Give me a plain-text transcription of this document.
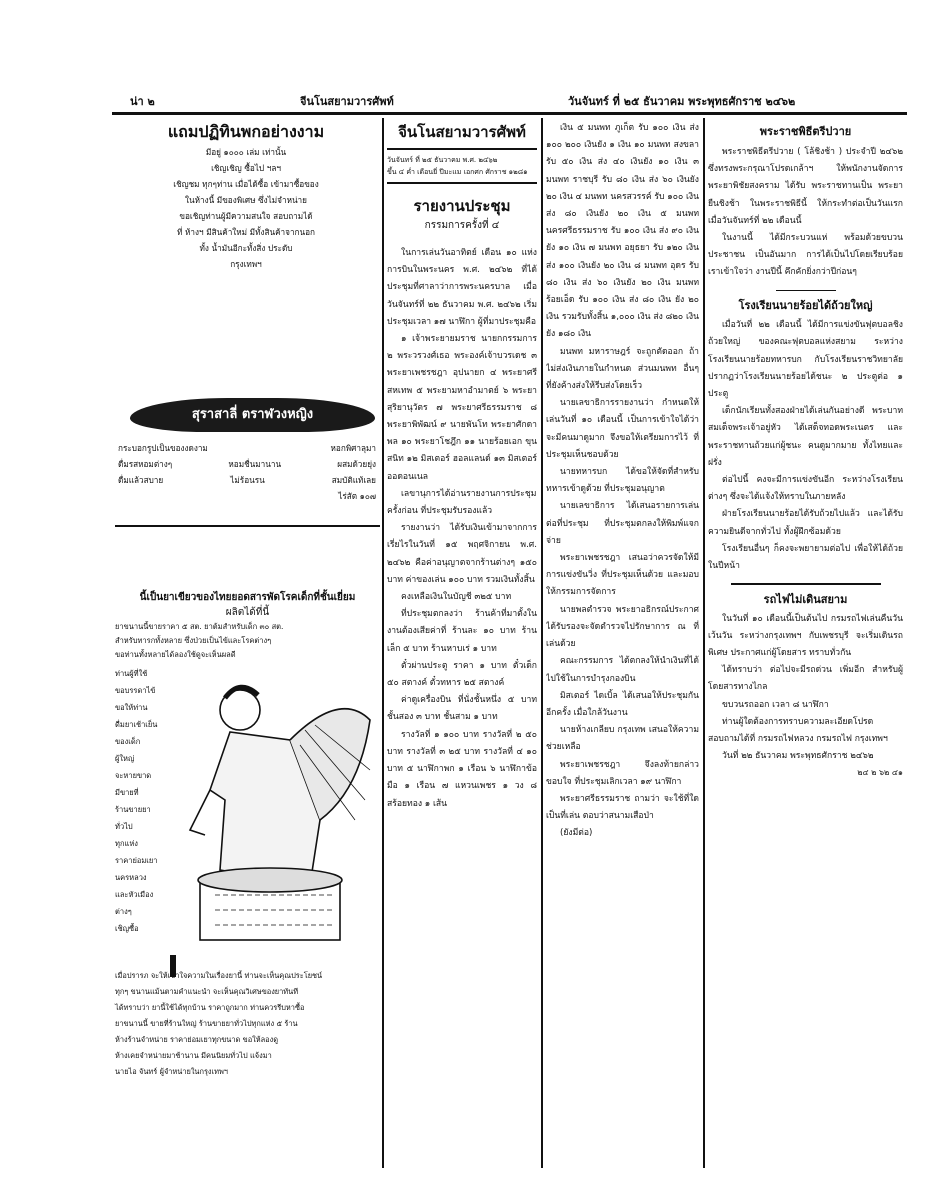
น่า ๒	จีนโนสยามวารศัพท์	วันจันทร์ ที่ ๒๕ ธันวาคม พระพุทธศักราช ๒๔๖๒
แถมปฏิทินพกอย่างงาม
มีอยู่ ๑๐๐๐ เล่ม เท่านั้น
เชิญเชิญ ซื้อไป ฯลฯ
เชิญชม ทุกๆท่าน เมื่อได้ซื้อ เข้ามาซื้อของ
ในห้างนี้ มีของพิเศษ ซึ่งไม่จำหน่าย
ขอเชิญท่านผู้มีความสนใจ สอบถามได้
ที่ ห้างฯ มีสินค้าใหม่ มีทั้งสินค้าจากนอก
ทั้ง น้ำมันอีกะทั้งสิ่ง ประดับ
กรุงเทพฯ
สุราสาลี่ ตราฬวงหญิง
กระบอกรูปเป็นของงดงาม	หอกพิศาลุมา
ดื่มรสหอมต่างๆ	หอมชื่นมานาน	ผสมด้วยยุ่ง
ดื่มแล้วสบาย	ไม่ร้อนรน	สมบัติแท้เลย
ไร่สัต ๑๐๗
นี้เป็นยาเขียวของไทยยอดสารพัดโรคเด็กที่ชั้นเยี่ยม
ผลิตได้ที่นี้
ยาขนานนี้ขายราคา ๕ สต. ยาต้มสำหรับเด็ก ๓๐ สต.
สำหรับทารกทั้งหลาย ซึ่งป่วยเป็นไข้และโรคต่างๆ
ขอท่านทั้งหลายได้ลองใช้ดูจะเห็นผลดี
ท่านผู้ที่ใช้
ขอบรรดาไข้
ขอให้ท่าน
ดื่มยาเช้าเย็น
ของเด็ก
ผู้ใหญ่
จะหายขาด
มีขายที่
ร้านขายยา
ทั่วไป
ทุกแห่ง
ราคาย่อมเยา
นครหลวง
และหัวเมือง
ต่างๆ
เชิญซื้อ
เมื่อปรารภ จะให้เข้าใจความในเรื่องยานี้ ท่านจะเห็นคุณประโยชน์
ทุกๆ ขนานแม้นตามคำแนะนำ จะเห็นคุณวิเศษของยาทันที
ได้ทราบว่า ยานี้ใช้ได้ทุกบ้าน ราคาถูกมาก ท่านควรรีบหาซื้อ
ยาขนานนี้ ขายที่ร้านใหญ่ ร้านขายยาทั่วไปทุกแห่ง ๕ ร้าน
ห้างร้านจำหน่าย ราคาย่อมเยาทุกขนาด ขอให้ลองดู
ห้างเคยจำหน่ายมาช้านาน มีคนนิยมทั่วไป แจ้งมา
นายไอ จันทร์ ผู้จำหน่ายในกรุงเทพฯ
จีนโนสยามวารศัพท์
วันจันทร์ ที่ ๒๕ ธันวาคม พ.ศ. ๒๔๖๒
ขึ้น ๔ ค่ำ เดือนยี่ ปีมะแม เอกศก ศักราช ๑๒๘๑
รายงานประชุม
กรรมการครั้งที่ ๔

ในการเล่นวันอาทิตย์ เดือน ๑๐ แห่งการบินในพระนคร พ.ศ. ๒๔๖๒ ที่ได้ประชุมที่ศาลาว่าการพระนครบาล เมื่อวันจันทร์ที่ ๒๒ ธันวาคม พ.ศ. ๒๔๖๒ เริ่มประชุมเวลา ๑๗ นาฬิกา ผู้ที่มาประชุมคือ

๑ เจ้าพระยายมราช นายกกรรมการ ๒ พระวรวงศ์เธอ พระองค์เจ้าบวรเดช ๓ พระยาเพชรชฎา อุปนายก ๔ พระยาศรีสหเทพ ๕ พระยามหาอำมาตย์ ๖ พระยาสุริยานุวัตร ๗ พระยาศรีธรรมราช ๘ พระยาพิพัฒน์ ๙ นายพันโท พระยาศักดาพล ๑๐ พระยาโชฎึก ๑๑ นายร้อยเอก ขุนสนิท ๑๒ มิสเตอร์ ฮอลแลนด์ ๑๓ มิสเตอร์ ออดอนเนล

เลขานุการได้อ่านรายงานการประชุมครั้งก่อน ที่ประชุมรับรองแล้ว

รายงานว่า ได้รับเงินเข้ามาจากการเรี่ยไรในวันที่ ๑๕ พฤศจิกายน พ.ศ. ๒๔๖๒ คือค่าอนุญาตจากร้านต่างๆ ๑๕๐ บาท ค่าของเล่น ๑๐๐ บาท รวมเงินทั้งสิ้น

คงเหลือเงินในบัญชี ๓๒๕ บาท

ที่ประชุมตกลงว่า ร้านค้าที่มาตั้งในงานต้องเสียค่าที่ ร้านละ ๑๐ บาท ร้านเล็ก ๕ บาท ร้านหาบเร่ ๑ บาท

ตั๋วผ่านประตู ราคา ๑ บาท ตั๋วเด็ก ๕๐ สตางค์ ตั๋วทหาร ๒๕ สตางค์

ค่าดูเครื่องบิน ที่นั่งชั้นหนึ่ง ๕ บาท ชั้นสอง ๓ บาท ชั้นสาม ๑ บาท

รางวัลที่ ๑ ๑๐๐ บาท รางวัลที่ ๒ ๕๐ บาท รางวัลที่ ๓ ๒๕ บาท รางวัลที่ ๔ ๑๐ บาท ๕ นาฬิกาพก ๑ เรือน ๖ นาฬิกาข้อมือ ๑ เรือน ๗ แหวนเพชร ๑ วง ๘ สร้อยทอง ๑ เส้น

เงิน ๕ มนพท ภูเก็ต รับ ๑๐๐ เงิน ส่ง ๑๐๐ ๒๐๐ เงินยัง ๑ เงิน ๑๐ มนพท สงขลา รับ ๕๐ เงิน ส่ง ๔๐ เงินยัง ๑๐ เงิน ๓ มนพท ราชบุรี รับ ๘๐ เงิน ส่ง ๖๐ เงินยัง ๒๐ เงิน ๔ มนพท นครสวรรค์ รับ ๑๐๐ เงิน ส่ง ๘๐ เงินยัง ๒๐ เงิน ๕ มนพท นครศรีธรรมราช รับ ๑๐๐ เงิน ส่ง ๙๐ เงินยัง ๑๐ เงิน ๗ มนพท อยุธยา รับ ๑๒๐ เงิน ส่ง ๑๐๐ เงินยัง ๒๐ เงิน ๘ มนพท อุดร รับ ๘๐ เงิน ส่ง ๖๐ เงินยัง ๒๐ เงิน มนพท ร้อยเอ็ด รับ ๑๐๐ เงิน ส่ง ๘๐ เงิน ยัง ๒๐ เงิน รวมรับทั้งสิ้น ๑,๐๐๐ เงิน ส่ง ๘๒๐ เงิน ยัง ๑๘๐ เงิน

มนพท มหาราษฎร์ จะถูกตัดออก ถ้าไม่ส่งเงินภายในกำหนด ส่วนมนพท อื่นๆ ที่ยังค้างส่งให้รีบส่งโดยเร็ว

นายเลขาธิการรายงานว่า กำหนดให้เล่นวันที่ ๑๐ เดือนนี้ เป็นการเข้าใจได้ว่าจะมีคนมาดูมาก จึงขอให้เตรียมการไว้ ที่ประชุมเห็นชอบด้วย

นายทหารบก ได้ขอให้จัดที่สำหรับทหารเข้าดูด้วย ที่ประชุมอนุญาต

นายเลขาธิการ ได้เสนอรายการเล่นต่อที่ประชุม ที่ประชุมตกลงให้พิมพ์แจกจ่าย

พระยาเพชรชฎา เสนอว่าควรจัดให้มีการแข่งขันวิ่ง ที่ประชุมเห็นด้วย และมอบให้กรรมการจัดการ

นายพลตำรวจ พระยาอธิกรณ์ประกาศ ได้รับรองจะจัดตำรวจไปรักษาการ ณ ที่เล่นด้วย

คณะกรรมการ ได้ตกลงให้นำเงินที่ได้ไปใช้ในการบำรุงกองบิน

มิสเตอร์ ไดเบิ้ล ได้เสนอให้ประชุมกันอีกครั้ง เมื่อใกล้วันงาน

นายห้างเกลียบ กรุงเทพ เสนอให้ความช่วยเหลือ

พระยาเพชรชฎา จึงลงท้ายกล่าวขอบใจ ที่ประชุมเลิกเวลา ๑๙ นาฬิกา

พระยาศรีธรรมราช ถามว่า จะใช้ที่ใดเป็นที่เล่น ตอบว่าสนามเสือป่า

(ยังมีต่อ)

พระราชพิธีตรีปวาย

พระราชพิธีตรีปวาย ( โล้ชิงช้า ) ประจำปี ๒๔๖๒ ซึ่งทรงพระกรุณาโปรดเกล้าฯ ให้พนักงานจัดการ พระยาพิชัยสงคราม ได้รับ พระราชทานเป็น พระยายืนชิงช้า ในพระราชพิธีนี้ ให้กระทำต่อเป็นวันแรก เมื่อวันจันทร์ที่ ๒๒ เดือนนี้

ในงานนี้ ได้มีกระบวนแห่ พร้อมด้วยขบวนประชาชน เป็นอันมาก การได้เป็นไปโดยเรียบร้อย เราเข้าใจว่า งานปีนี้ คึกคักยิ่งกว่าปีก่อนๆ

โรงเรียนนายร้อยได้ถ้วยใหญ่

เมื่อวันที่ ๒๒ เดือนนี้ ได้มีการแข่งขันฟุตบอลชิงถ้วยใหญ่ ของคณะฟุตบอลแห่งสยาม ระหว่างโรงเรียนนายร้อยทหารบก กับโรงเรียนราชวิทยาลัย ปรากฏว่าโรงเรียนนายร้อยได้ชนะ ๒ ประตูต่อ ๑ ประตู

เด็กนักเรียนทั้งสองฝ่ายได้เล่นกันอย่างดี พระบาทสมเด็จพระเจ้าอยู่หัว ได้เสด็จทอดพระเนตร และพระราชทานถ้วยแก่ผู้ชนะ คนดูมากมาย ทั้งไทยและฝรั่ง

ต่อไปนี้ คงจะมีการแข่งขันอีก ระหว่างโรงเรียนต่างๆ ซึ่งจะได้แจ้งให้ทราบในภายหลัง

ฝ่ายโรงเรียนนายร้อยได้รับถ้วยไปแล้ว และได้รับความยินดีจากทั่วไป ทั้งผู้ฝึกซ้อมด้วย

โรงเรียนอื่นๆ ก็คงจะพยายามต่อไป เพื่อให้ได้ถ้วยในปีหน้า

รถไฟไม่เดินสยาม

ในวันที่ ๑๐ เดือนนี้เป็นต้นไป กรมรถไฟเล่นคืนวันเว้นวัน ระหว่างกรุงเทพฯ กับเพชรบุรี จะเริ่มเดินรถพิเศษ ประกาศแก่ผู้โดยสาร ทราบทั่วกัน

ได้ทราบว่า ต่อไปจะมีรถด่วน เพิ่มอีก สำหรับผู้โดยสารทางไกล

ขบวนรถออก เวลา ๘ นาฬิกา

ท่านผู้ใดต้องการทราบความละเอียดโปรดสอบถามได้ที่ กรมรถไฟหลวง กรมรถไฟ กรุงเทพฯ

วันที่ ๒๒ ธันวาคม พระพุทธศักราช ๒๔๖๒

๒๔ ๒ ๖๒ ๔๑
